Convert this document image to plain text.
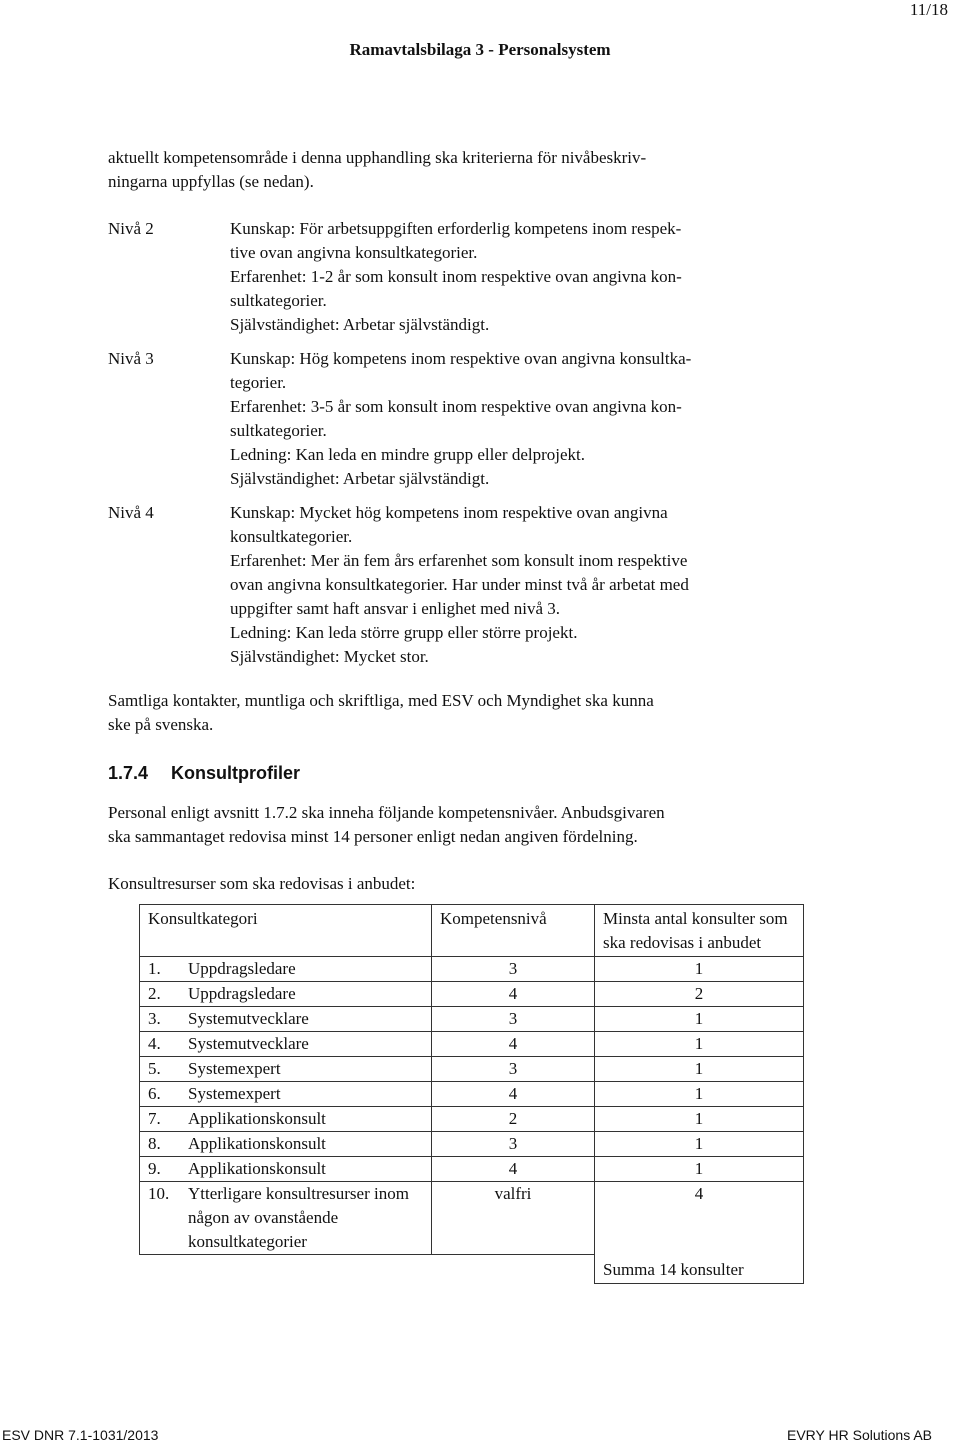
11/18
Ramavtalsbilaga 3 - Personalsystem
aktuellt kompetensområde i denna upphandling ska kriterierna för nivåbeskriv-
ningarna uppfyllas (se nedan).
Nivå 2	Kunskap: För arbetsuppgiften erforderlig kompetens inom respek-
tive ovan angivna konsultkategorier.
Erfarenhet: 1-2 år som konsult inom respektive ovan angivna kon-
sultkategorier.
Självständighet: Arbetar självständigt.
Nivå 3	Kunskap: Hög kompetens inom respektive ovan angivna konsultka-
tegorier.
Erfarenhet: 3-5 år som konsult inom respektive ovan angivna kon-
sultkategorier.
Ledning: Kan leda en mindre grupp eller delprojekt.
Självständighet: Arbetar självständigt.
Nivå 4	Kunskap: Mycket hög kompetens inom respektive ovan angivna
konsultkategorier.
Erfarenhet: Mer än fem års erfarenhet som konsult inom respektive
ovan angivna konsultkategorier. Har under minst två år arbetat med
uppgifter samt haft ansvar i enlighet med nivå 3.
Ledning: Kan leda större grupp eller större projekt.
Självständighet: Mycket stor.
Samtliga kontakter, muntliga och skriftliga, med ESV och Myndighet ska kunna
ske på svenska.
1.7.4 Konsultprofiler
Personal enligt avsnitt 1.7.2 ska inneha följande kompetensnivåer. Anbudsgivaren
ska sammantaget redovisa minst 14 personer enligt nedan angiven fördelning.
Konsultresurser som ska redovisas i anbudet:
Konsultkategori	Kompetensnivå	Minsta antal konsulter som ska redovisas i anbudet
1. Uppdragsledare	3	1
2. Uppdragsledare	4	2
3. Systemutvecklare	3	1
4. Systemutvecklare	4	1
5. Systemexpert	3	1
6. Systemexpert	4	1
7. Applikationskonsult	2	1
8. Applikationskonsult	3	1
9. Applikationskonsult	4	1
10. Ytterligare konsultresurser inom någon av ovanstående konsultkategorier	valfri	4
		Summa 14 konsulter
ESV DNR 7.1-1031/2013	EVRY HR Solutions AB
